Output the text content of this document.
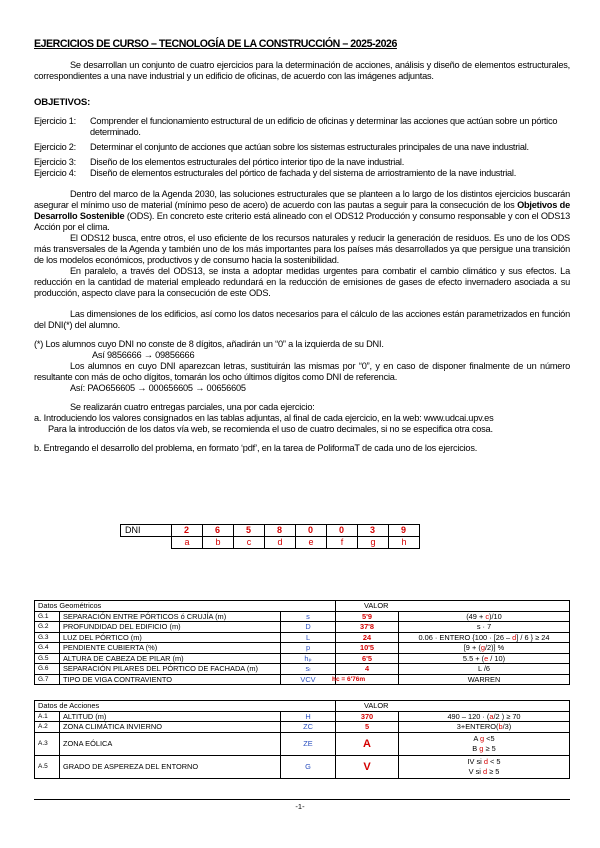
EJERCICIOS DE CURSO – TECNOLOGÍA DE LA CONSTRUCCIÓN – 2025-2026

Se desarrollan un conjunto de cuatro ejercicios para la determinación de acciones, análisis y diseño de elementos estructurales, correspondientes a una nave industrial y un edificio de oficinas, de acuerdo con las imágenes adjuntas.

OBJETIVOS:
Ejercicio 1:	Comprender el funcionamiento estructural de un edificio de oficinas y determinar las acciones que actúan sobre un pórtico determinado.
Ejercicio 2:	Determinar el conjunto de acciones que actúan sobre los sistemas estructurales principales de una nave industrial.
Ejercicio 3:	Diseño de los elementos estructurales del pórtico interior tipo de la nave industrial.
Ejercicio 4:	Diseño de elementos estructurales del pórtico de fachada y del sistema de arriostramiento de la nave industrial.

Dentro del marco de la Agenda 2030, las soluciones estructurales que se planteen a lo largo de los distintos ejercicios buscarán asegurar el mínimo uso de material (mínimo peso de acero) de acuerdo con las pautas a seguir para la consecución de los Objetivos de Desarrollo Sostenible (ODS). En concreto este criterio está alineado con el ODS12 Producción y consumo responsable y con el ODS13 Acción por el clima.

El ODS12 busca, entre otros, el uso eficiente de los recursos naturales y reducir la generación de residuos. Es uno de los ODS más transversales de la Agenda y también uno de los más importantes para los países más desarrollados ya que persigue una transición de los modelos económicos, productivos y de consumo hacia la sostenibilidad.

En paralelo, a través del ODS13, se insta a adoptar medidas urgentes para combatir el cambio climático y sus efectos. La reducción en la cantidad de material empleado redundará en la reducción de emisiones de gases de efecto invernadero asociada a su producción, aspecto clave para la consecución de este ODS.

Las dimensiones de los edificios, así como los datos necesarios para el cálculo de las acciones están parametrizados en función del DNI(*) del alumno.

(*) Los alumnos cuyo DNI no conste de 8 dígitos, añadirán un “0” a la izquierda de su DNI.

Así 9856666 → 09856666

Los alumnos en cuyo DNI aparezcan letras, sustituirán las mismas por “0”, y en caso de disponer finalmente de un número resultante con más de ocho dígitos, tomarán los ocho últimos dígitos como DNI de referencia.

Así: PAO656605 → 000656605 → 00656605

Se realizarán cuatro entregas parciales, una por cada ejercicio:

a. Introduciendo los valores consignados en las tablas adjuntas, al final de cada ejercicio, en la web: www.udcai.upv.es

Para la introducción de los datos vía web, se recomienda el uso de cuatro decimales, si no se especifica otra cosa.

b. Entregando el desarrollo del problema, en formato ‘pdf’, en la tarea de PoliformaT de cada uno de los ejercicios.

DNI	2	6	5	8	0	0	3	9
	a	b	c	d	e	f	g	h
Datos Geométricos			VALOR	
G.1	SEPARACIÓN ENTRE PÓRTICOS ó CRUJÍA (m)	s	5'9	(49 + c)/10
G.2	PROFUNDIDAD DEL EDIFICIO (m)	D	37'8	s · 7
G.3	LUZ DEL PÓRTICO (m)	L	24	0.06 · ENTERO {100 · [26 – d] / 6 } ≥ 24
G.4	PENDIENTE CUBIERTA (%)	p	10'5	[9 + (g/2)] %
G.5	ALTURA DE CABEZA DE PILAR (m)	hₚ	6'5	5.5 + (e / 10)
G.6	SEPARACIÓN PILARES DEL PÓRTICO DE FACHADA (m)	sₗ	4	L /6
G.7	TIPO DE VIGA CONTRAVIENTO	VCV		WARREN
hc = 6'76m
Datos de Acciones			VALOR	
A.1	ALTITUD (m)	H	370	490 – 120 · (a/2 ) ≥ 70

A.2	ZONA CLIMÁTICA INVIERNO	ZC	5	3+ENTERO(b/3)

A.3	ZONA EÓLICA	ZE	A	A g <5
B g ≥ 5

A.5	GRADO DE ASPEREZA DEL ENTORNO	G	V	IV si d < 5
V si d ≥ 5
-1-
